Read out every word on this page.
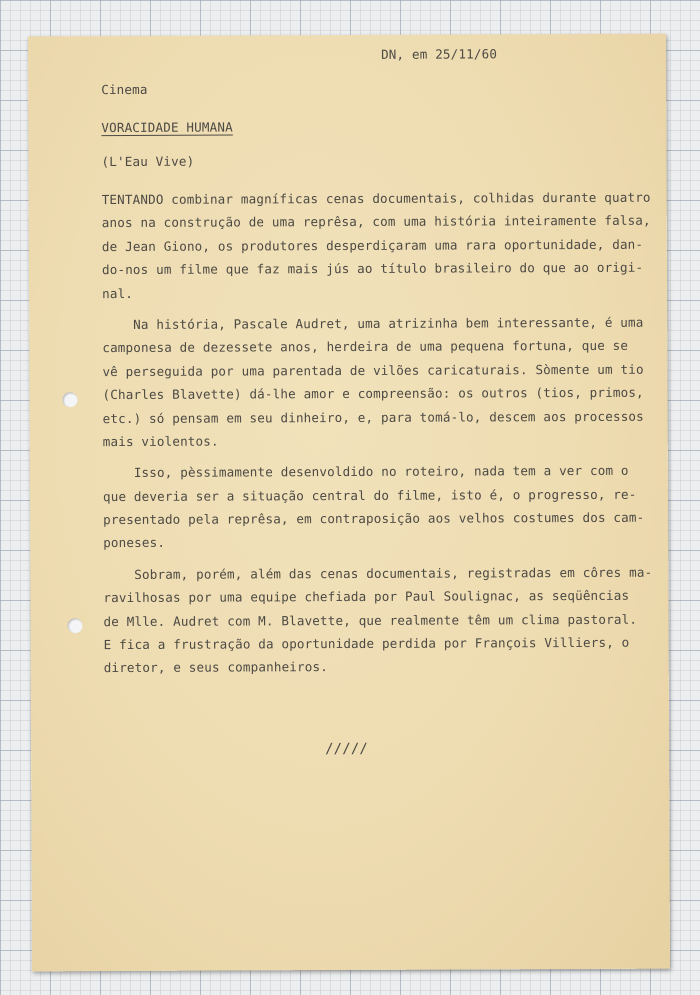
DN, em 25/11/60
Cinema
VORACIDADE HUMANA
(L'Eau Vive)
TENTANDO combinar magníficas cenas documentais, colhidas durante quatro
anos na construção de uma reprêsa, com uma história inteiramente falsa,
de Jean Giono, os produtores desperdiçaram uma rara oportunidade, dan-
do-nos um filme que faz mais jús ao título brasileiro do que ao origi-
nal.
Na história, Pascale Audret, uma atrizinha bem interessante, é uma
camponesa de dezessete anos, herdeira de uma pequena fortuna, que se
vê perseguida por uma parentada de vilões caricaturais. Sòmente um tio
(Charles Blavette) dá-lhe amor e compreensão: os outros (tios, primos,
etc.) só pensam em seu dinheiro, e, para tomá-lo, descem aos processos
mais violentos.
Isso, pèssimamente desenvoldido no roteiro, nada tem a ver com o
que deveria ser a situação central do filme, isto é, o progresso, re-
presentado pela reprêsa, em contraposição aos velhos costumes dos cam-
poneses.
Sobram, porém, além das cenas documentais, registradas em côres ma-
ravilhosas por uma equipe chefiada por Paul Soulignac, as seqüências
de Mlle. Audret com M. Blavette, que realmente têm um clima pastoral.
E fica a frustração da oportunidade perdida por François Villiers, o
diretor, e seus companheiros.
/////
